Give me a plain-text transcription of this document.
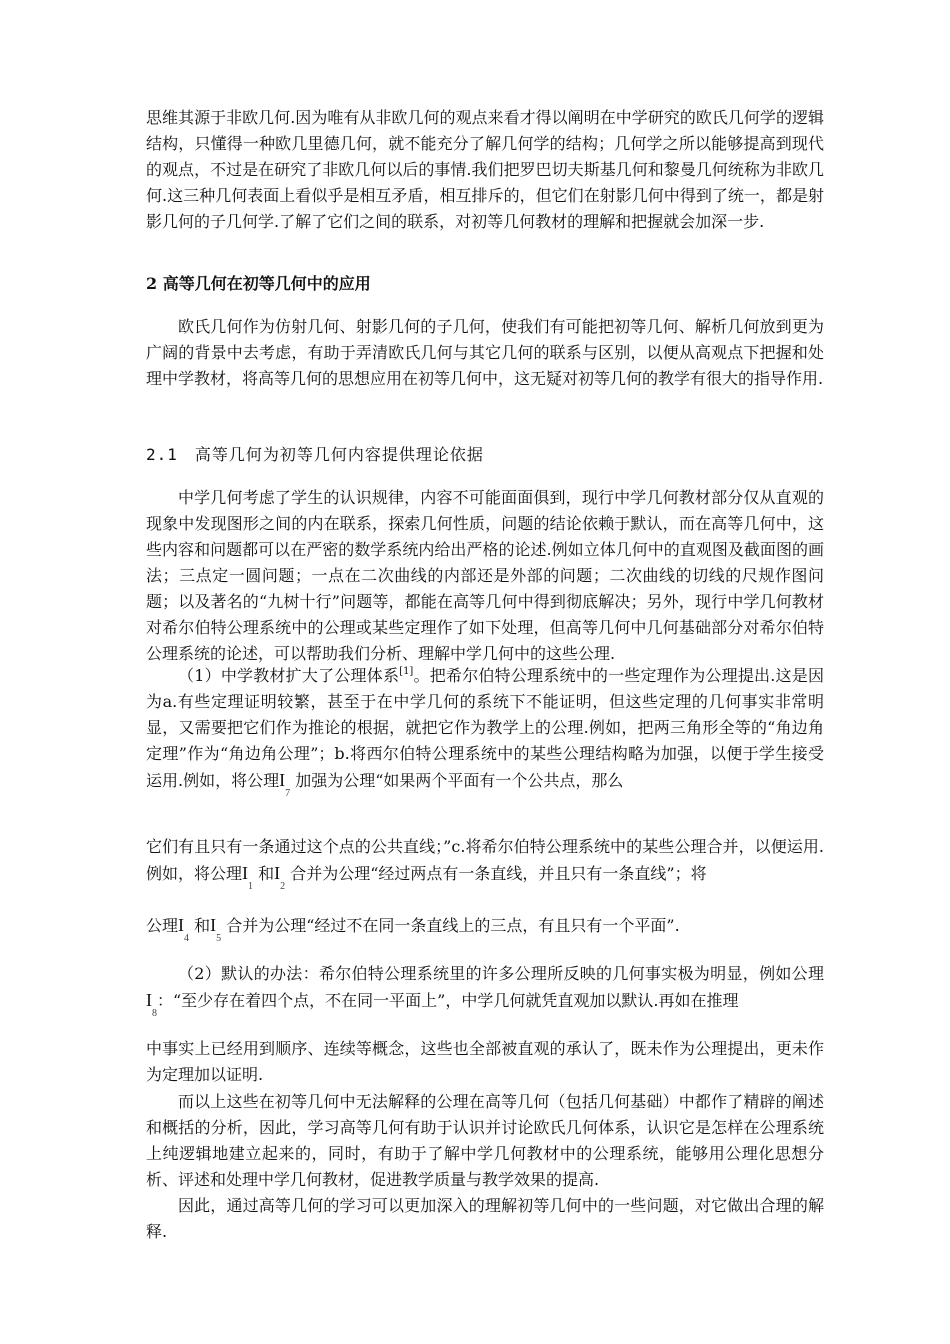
思维其源于非欧几何.因为唯有从非欧几何的观点来看才得以阐明在中学研究的欧氏几何学的逻辑结构，只懂得一种欧几里德几何，就不能充分了解几何学的结构；几何学之所以能够提高到现代的观点，不过是在研究了非欧几何以后的事情.我们把罗巴切夫斯基几何和黎曼几何统称为非欧几何.这三种几何表面上看似乎是相互矛盾，相互排斥的，但它们在射影几何中得到了统一，都是射影几何的子几何学.了解了它们之间的联系，对初等几何教材的理解和把握就会加深一步.

2 高等几何在初等几何中的应用

欧氏几何作为仿射几何、射影几何的子几何，使我们有可能把初等几何、解析几何放到更为广阔的背景中去考虑，有助于弄清欧氏几何与其它几何的联系与区别，以便从高观点下把握和处理中学教材，将高等几何的思想应用在初等几何中，这无疑对初等几何的教学有很大的指导作用.

2.1　高等几何为初等几何内容提供理论依据

中学几何考虑了学生的认识规律，内容不可能面面俱到，现行中学几何教材部分仅从直观的现象中发现图形之间的内在联系，探索几何性质，问题的结论依赖于默认，而在高等几何中，这些内容和问题都可以在严密的数学系统内给出严格的论述.例如立体几何中的直观图及截面图的画法；三点定一圆问题；一点在二次曲线的内部还是外部的问题；二次曲线的切线的尺规作图问题；以及著名的“九树十行”问题等，都能在高等几何中得到彻底解决；另外，现行中学几何教材对希尔伯特公理系统中的公理或某些定理作了如下处理，但高等几何中几何基础部分对希尔伯特公理系统的论述，可以帮助我们分析、理解中学几何中的这些公理.

（1）中学教材扩大了公理体系[1]。把希尔伯特公理系统中的一些定理作为公理提出.这是因为a.有些定理证明较繁，甚至于在中学几何的系统下不能证明，但这些定理的几何事实非常明显，又需要把它们作为推论的根据，就把它作为教学上的公理.例如，把两三角形全等的“角边角定理”作为“角边角公理”；b.将西尔伯特公理系统中的某些公理结构略为加强，以便于学生接受运用.例如，将公理$I_7$ 加强为公理“如果两个平面有一个公共点，那么

它们有且只有一条通过这个点的公共直线；”c.将希尔伯特公理系统中的某些公理合并，以便运用.例如，将公理$I_1$ 和$I_2$ 合并为公理“经过两点有一条直线，并且只有一条直线”；将

公理$I_4$ 和$I_5$ 合并为公理“经过不在同一条直线上的三点，有且只有一个平面”.

（2）默认的办法：希尔伯特公理系统里的许多公理所反映的几何事实极为明显，例如公理$I_8$：“至少存在着四个点，不在同一平面上”，中学几何就凭直观加以默认.再如在推理

中事实上已经用到顺序、连续等概念，这些也全部被直观的承认了，既未作为公理提出，更未作为定理加以证明.

而以上这些在初等几何中无法解释的公理在高等几何（包括几何基础）中都作了精辟的阐述和概括的分析，因此，学习高等几何有助于认识并讨论欧氏几何体系，认识它是怎样在公理系统上纯逻辑地建立起来的，同时，有助于了解中学几何教材中的公理系统，能够用公理化思想分析、评述和处理中学几何教材，促进教学质量与教学效果的提高.

因此，通过高等几何的学习可以更加深入的理解初等几何中的一些问题，对它做出合理的解释.
